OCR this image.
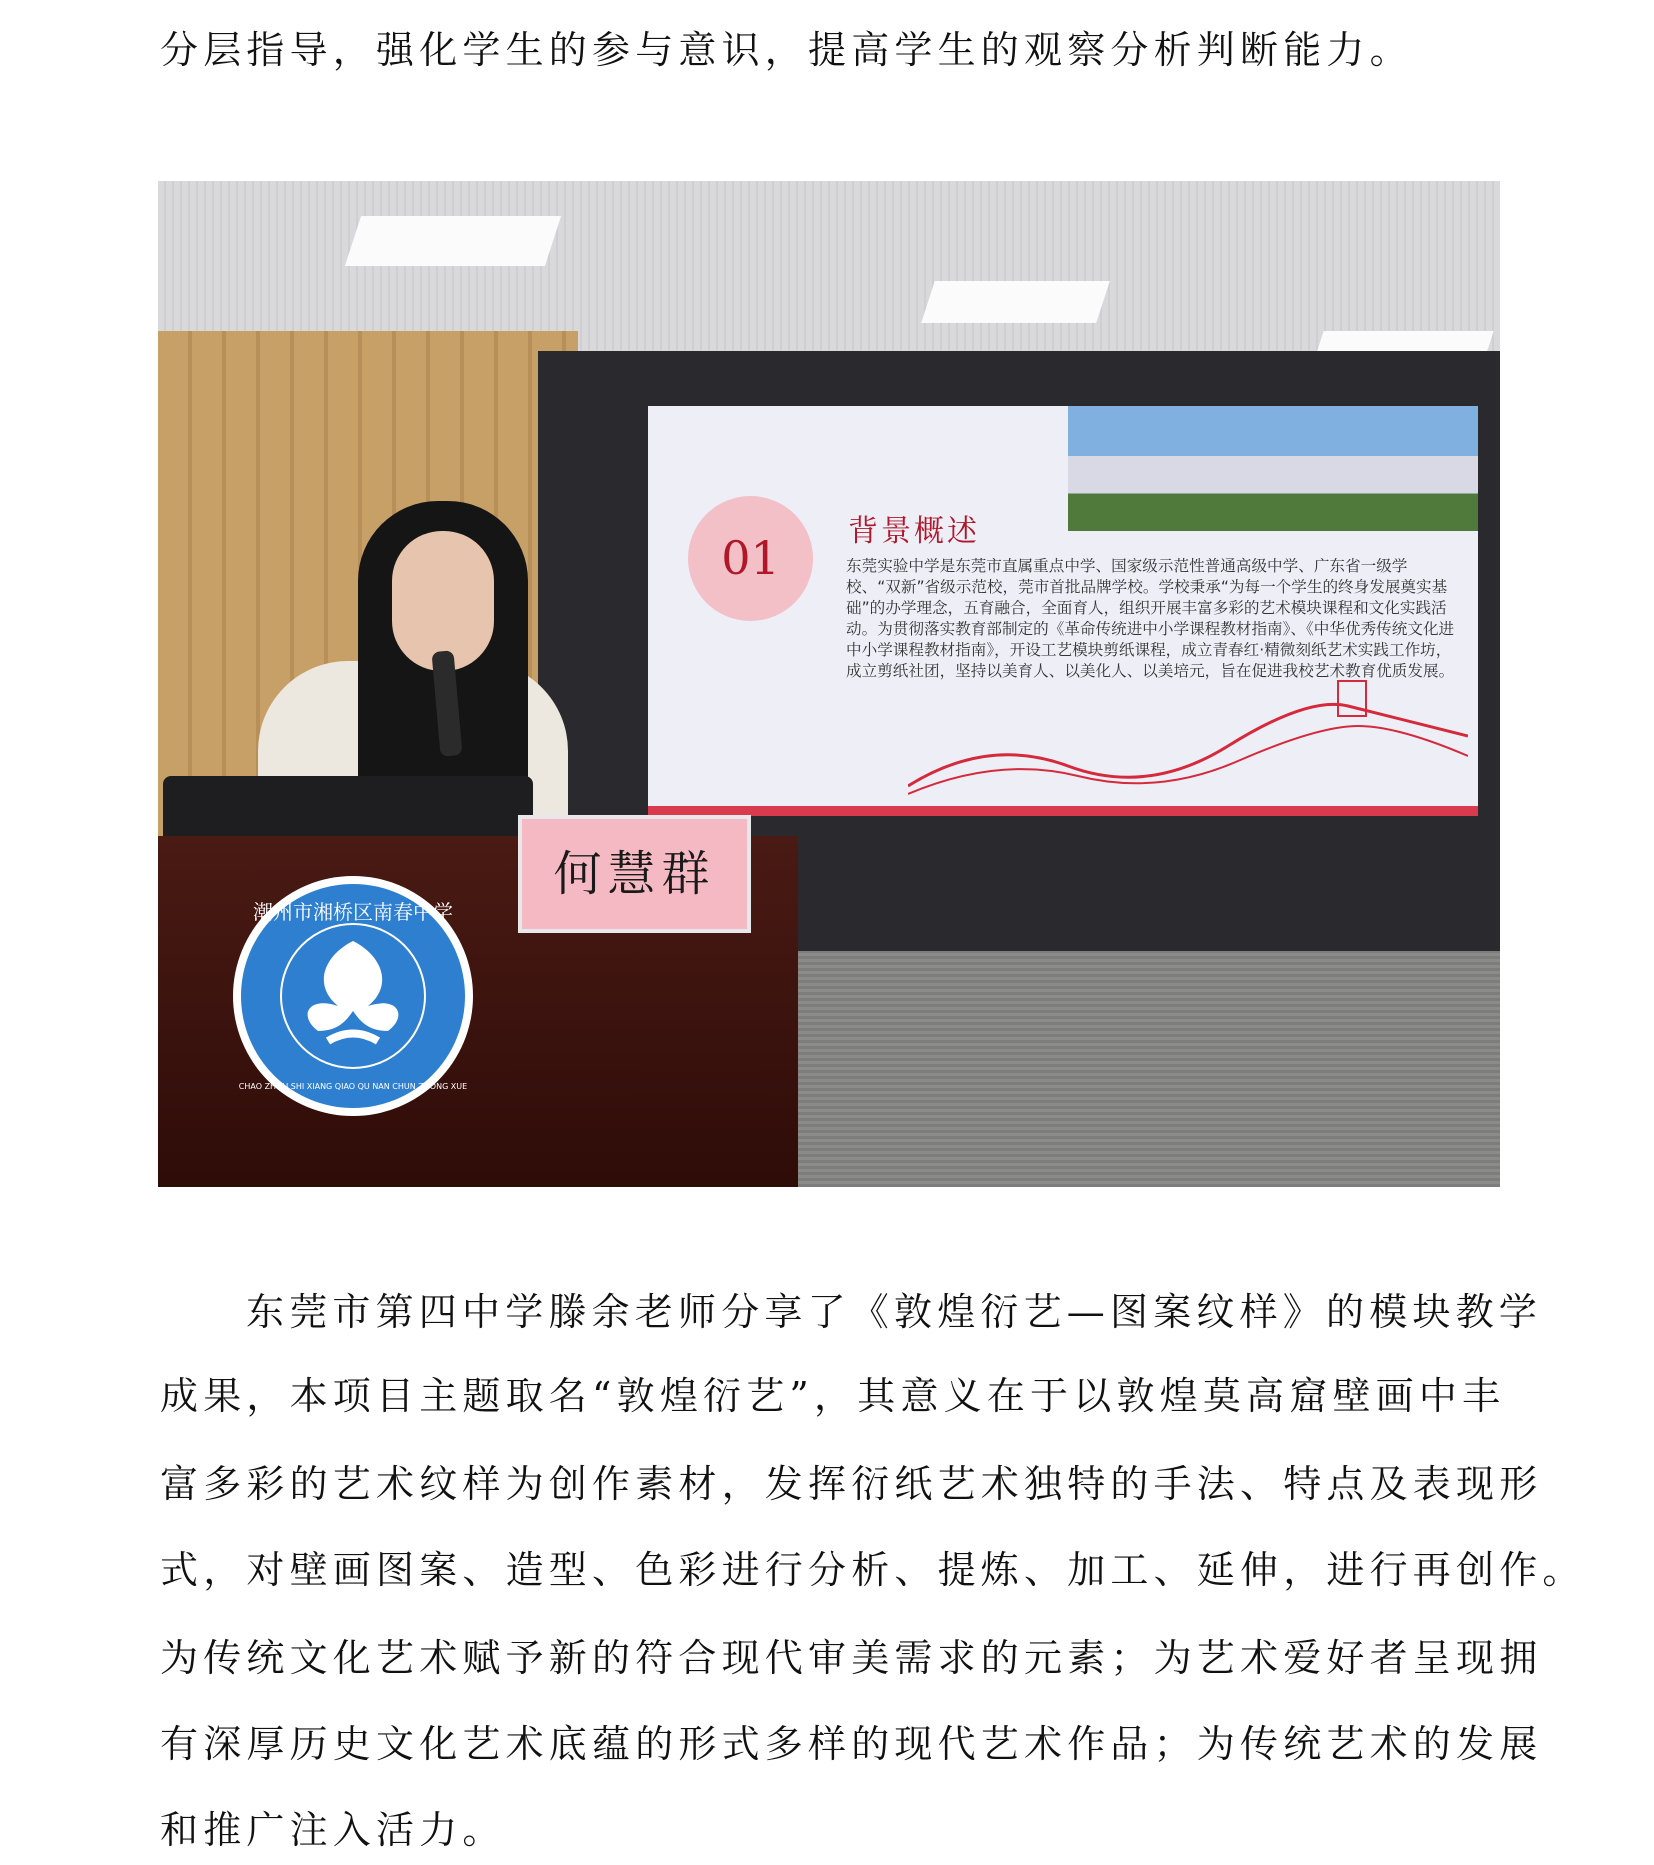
分层指导，强化学生的参与意识，提高学生的观察分析判断能力。
01	背景概述
东莞实验中学是东莞市直属重点中学、国家级示范性普通高级中学、广东省一级学校、“双新”省级示范校，莞市首批品牌学校。学校秉承“为每一个学生的终身发展奠实基础”的办学理念，五育融合，全面育人，组织开展丰富多彩的艺术模块课程和文化实践活动。为贯彻落实教育部制定的《革命传统进中小学课程教材指南》、《中华优秀传统文化进中小学课程教材指南》，开设工艺模块剪纸课程，成立青春红·精微刻纸艺术实践工作坊，成立剪纸社团，坚持以美育人、以美化人、以美培元，旨在促进我校艺术教育优质发展。
何慧群
潮州市湘桥区南春中学
CHAO ZHOU SHI XIANG QIAO QU NAN CHUN ZHONG XUE
东莞市第四中学滕余老师分享了《敦煌衍艺—图案纹样》的模块教学
成果，本项目主题取名“敦煌衍艺”，其意义在于以敦煌莫高窟壁画中丰
富多彩的艺术纹样为创作素材，发挥衍纸艺术独特的手法、特点及表现形
式，对壁画图案、造型、色彩进行分析、提炼、加工、延伸，进行再创作。
为传统文化艺术赋予新的符合现代审美需求的元素；为艺术爱好者呈现拥
有深厚历史文化艺术底蕴的形式多样的现代艺术作品；为传统艺术的发展
和推广注入活力。
